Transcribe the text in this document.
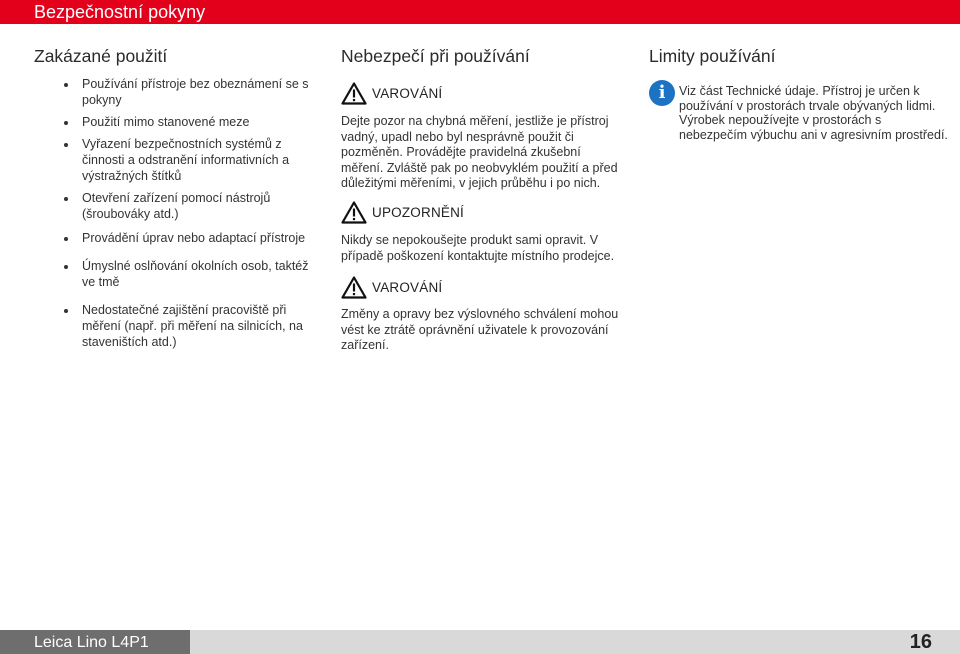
Bezpečnostní pokyny
Zakázané použití
Používání přístroje bez obeznámení se s pokyny
Použití mimo stanovené meze
Vyřazení bezpečnostních systémů z činnosti a odstranění informativních a výstražných štítků
Otevření zařízení pomocí nástrojů (šroubováky atd.)
Provádění úprav nebo adaptací přístroje
Úmyslné oslňování okolních osob, taktéž ve tmě
Nedostatečné zajištění pracoviště při měření (např. při měření na silnicích, na staveništích atd.)
Nebezpečí při používání
VAROVÁNÍ
Dejte pozor na chybná měření, jestliže je přístroj vadný, upadl nebo byl nesprávně použit či pozměněn. Provádějte pravidelná zkušební měření. Zvláště pak po neobvyklém použití a před důležitými měřeními, v jejich průběhu i po nich.
UPOZORNĚNÍ
Nikdy se nepokoušejte produkt sami opravit. V případě poškození kontaktujte místního prodejce.
VAROVÁNÍ
Změny a opravy bez výslovného schválení mohou vést ke ztrátě oprávnění uživatele k provozování zařízení.
Limity používání
i	Viz část Technické údaje. Přístroj je určen k používání v prostorách trvale obývaných lidmi. Výrobek nepoužívejte v prostorách s nebezpečím výbuchu ani v agresivním prostředí.
Leica Lino L4P1	16
